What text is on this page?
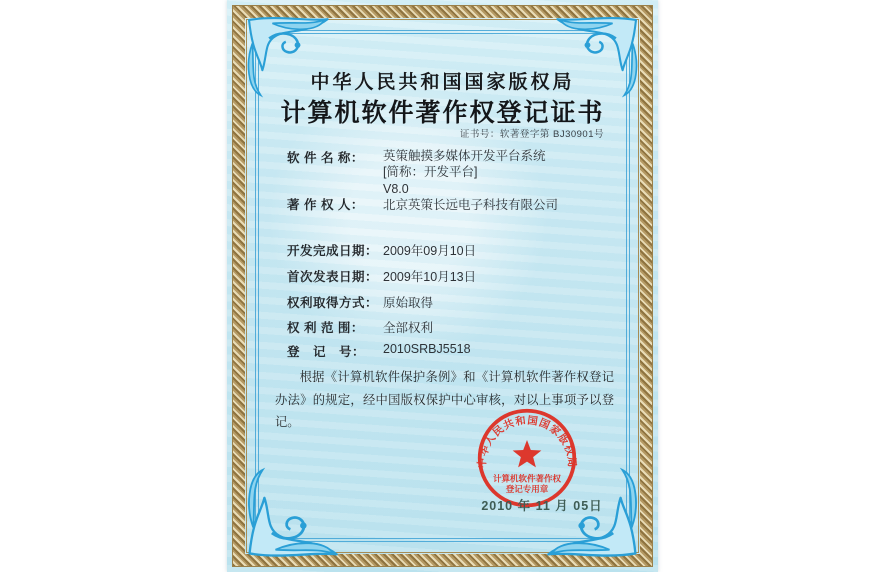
中华人民共和国国家版权局
计算机软件著作权登记证书
证书号：软著登字第 BJ30901号
软 件 名 称：	英策触摸多媒体开发平台系统
[简称：开发平台]
V8.0
著 作 权 人：	北京英策长远电子科技有限公司
开发完成日期： 2009年09月10日
首次发表日期： 2009年10月13日
权利取得方式： 原始取得
权 利 范 围：	全部权利
登　记　号：	2010SRBJ5518
根据《计算机软件保护条例》和《计算机软件著作权登记办法》的规定，经中国版权保护中心审核，对以上事项予以登记。
中华人民共和国国家版权局
计算机软件著作权
登记专用章
2010 年 11 月 05日
